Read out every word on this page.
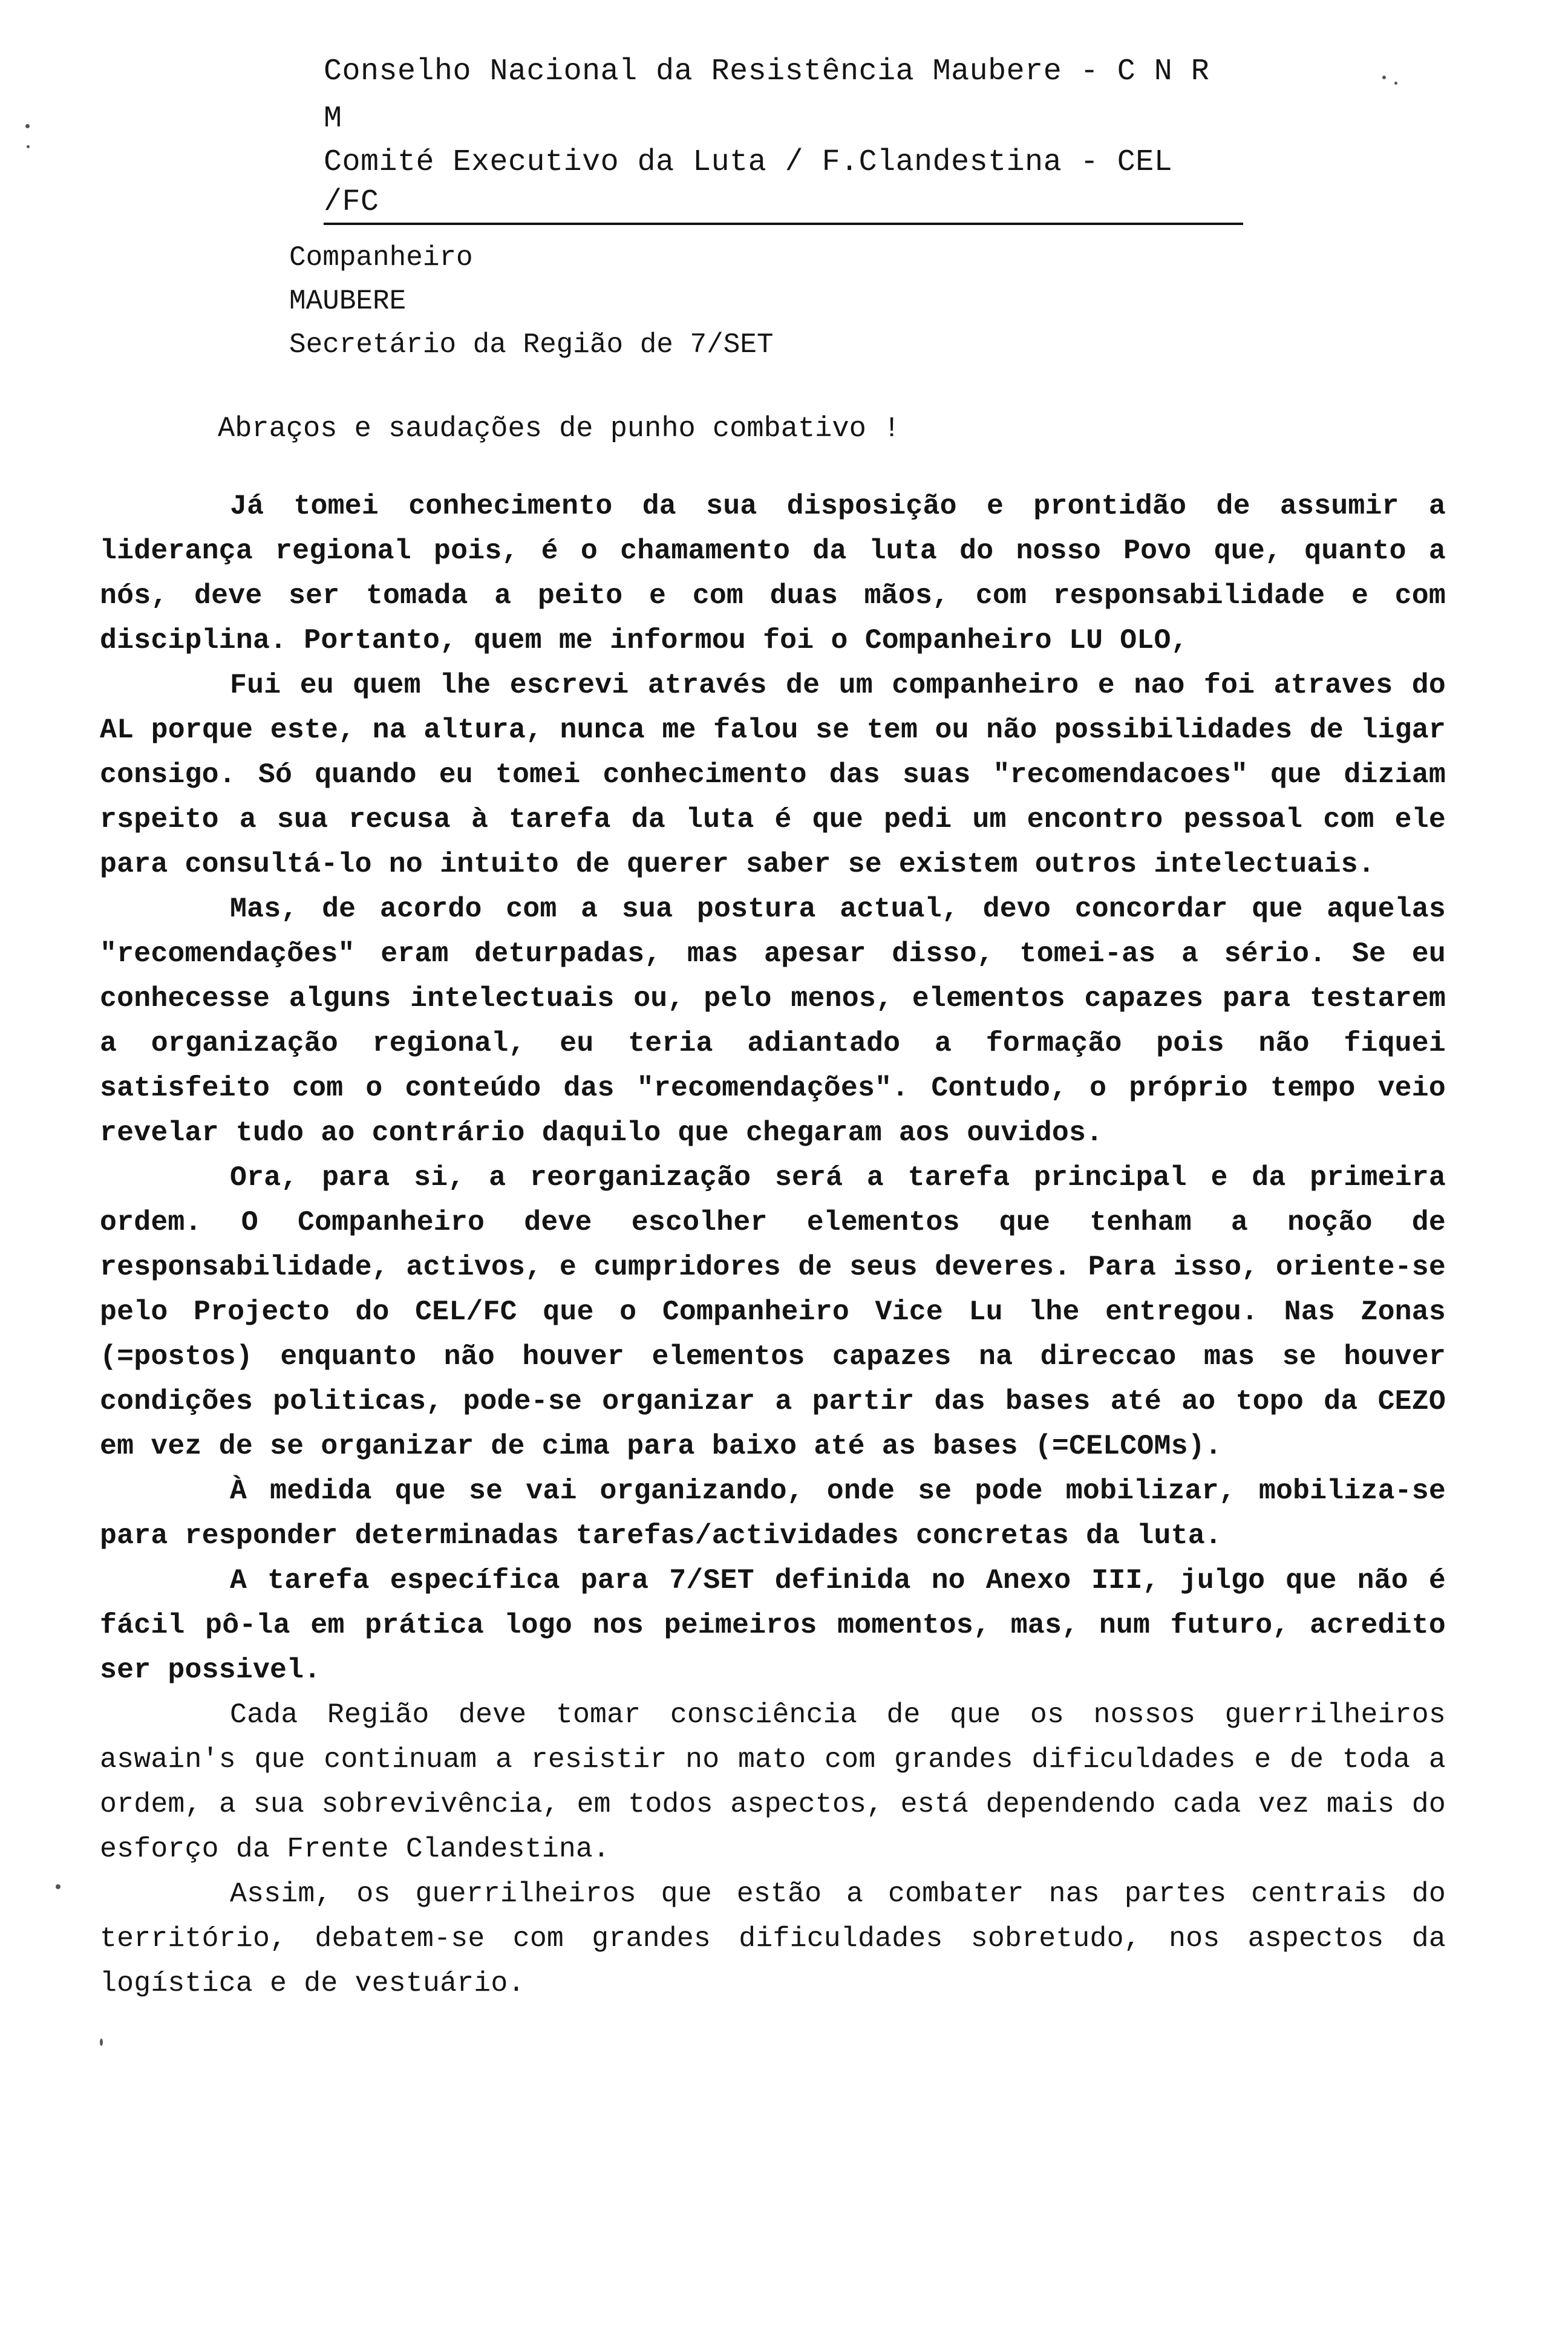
Conselho Nacional da Resistência Maubere - C N R M
Comité Executivo da Luta / F.Clandestina - CEL /FC
Companheiro
MAUBERE
Secretário da Região de 7/SET
Abraços e saudações de punho combativo !

Já tomei conhecimento da sua disposição e prontidão de assumir a liderança regional pois, é o chamamento da luta do nosso Povo que, quanto a nós, deve ser tomada a peito e com duas mãos, com responsabilidade e com disciplina. Portanto, quem me informou foi o Companheiro LU OLO,

Fui eu quem lhe escrevi através de um companheiro e nao foi atraves do AL porque este, na altura, nunca me falou se tem ou não possibilidades de ligar consigo. Só quando eu tomei conhecimento das suas "recomendacoes" que diziam rspeito a sua recusa à tarefa da luta é que pedi um encontro pessoal com ele para consultá-lo no intuito de querer saber se existem outros intelectuais.

Mas, de acordo com a sua postura actual, devo concordar que aquelas "recomendações" eram deturpadas, mas apesar disso, tomei-as a sério. Se eu conhecesse alguns intelectuais ou, pelo menos, elementos capazes para testarem a organização regional, eu teria adiantado a formação pois não fiquei satisfeito com o conteúdo das "recomendações". Contudo, o próprio tempo veio revelar tudo ao contrário daquilo que chegaram aos ouvidos.

Ora, para si, a reorganização será a tarefa principal e da primeira ordem. O Companheiro deve escolher elementos que tenham a noção de responsabilidade, activos, e cumpridores de seus deveres. Para isso, oriente-se pelo Projecto do CEL/FC que o Companheiro Vice Lu lhe entregou. Nas Zonas (=postos) enquanto não houver elementos capazes na direccao mas se houver condições politicas, pode-se organizar a partir das bases até ao topo da CEZO em vez de se organizar de cima para baixo até as bases (=CELCOMs).

À medida que se vai organizando, onde se pode mobilizar, mobiliza-se para responder determinadas tarefas/actividades concretas da luta.

A tarefa específica para 7/SET definida no Anexo III, julgo que não é fácil pô-la em prática logo nos peimeiros momentos, mas, num futuro, acredito ser possivel.

Cada Região deve tomar consciência de que os nossos guerrilheiros aswain's que continuam a resistir no mato com grandes dificuldades e de toda a ordem, a sua sobrevivência, em todos aspectos, está dependendo cada vez mais do esforço da Frente Clandestina.

Assim, os guerrilheiros que estão a combater nas partes centrais do território, debatem-se com grandes dificuldades sobretudo, nos aspectos da logística e de vestuário.
